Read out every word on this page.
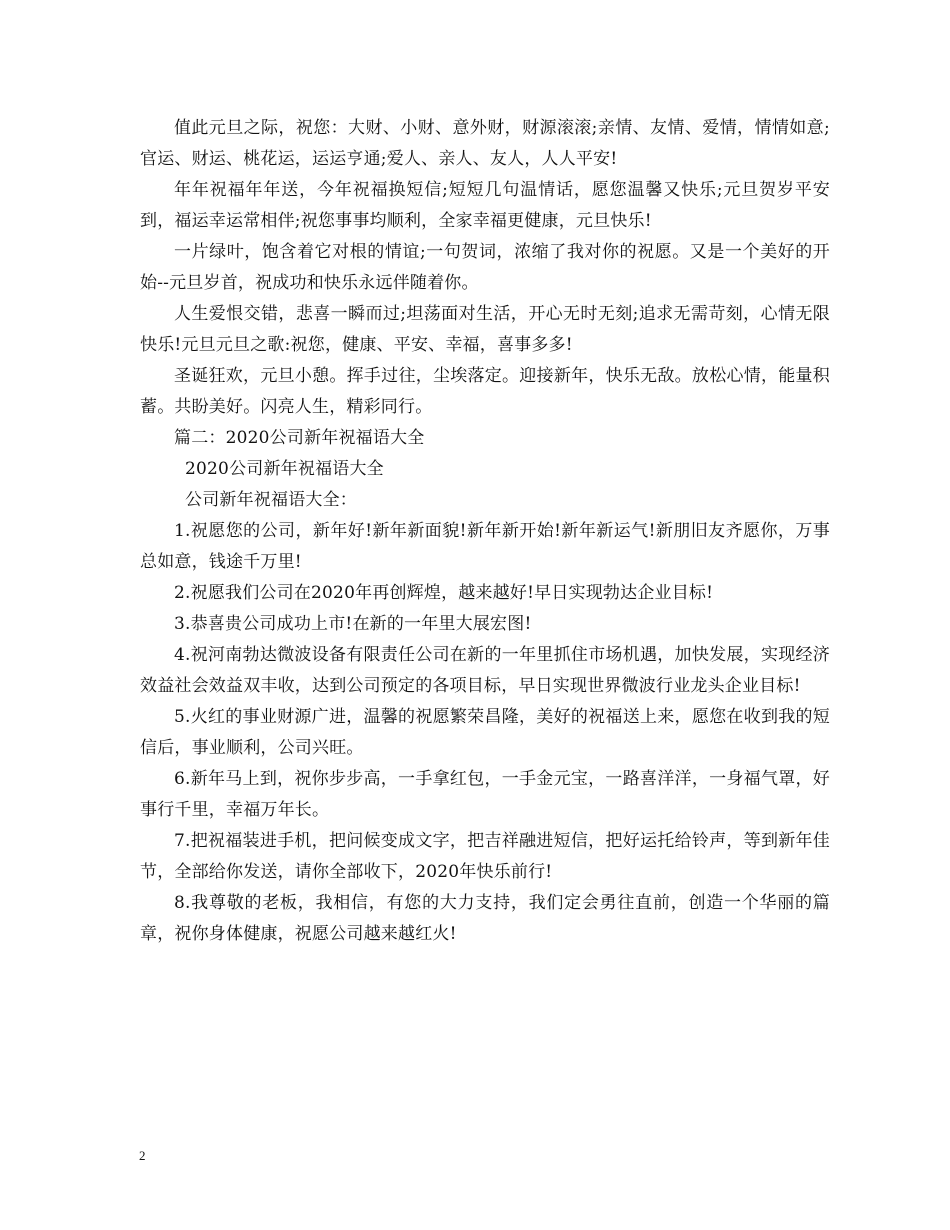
值此元旦之际，祝您：大财、小财、意外财，财源滚滚;亲情、友情、爱情，情情如意;官运、财运、桃花运，运运亨通;爱人、亲人、友人，人人平安!

年年祝福年年送，今年祝福换短信;短短几句温情话，愿您温馨又快乐;元旦贺岁平安到，福运幸运常相伴;祝您事事均顺利，全家幸福更健康，元旦快乐!

一片绿叶，饱含着它对根的情谊;一句贺词，浓缩了我对你的祝愿。又是一个美好的开始--元旦岁首，祝成功和快乐永远伴随着你。

人生爱恨交错，悲喜一瞬而过;坦荡面对生活，开心无时无刻;追求无需苛刻，心情无限快乐!元旦元旦之歌:祝您，健康、平安、幸福，喜事多多!

圣诞狂欢，元旦小憩。挥手过往，尘埃落定。迎接新年，快乐无敌。放松心情，能量积蓄。共盼美好。闪亮人生，精彩同行。

篇二：2020公司新年祝福语大全

2020公司新年祝福语大全

公司新年祝福语大全：

1.祝愿您的公司，新年好!新年新面貌!新年新开始!新年新运气!新朋旧友齐愿你，万事总如意，钱途千万里!

2.祝愿我们公司在2020年再创辉煌，越来越好!早日实现勃达企业目标!

3.恭喜贵公司成功上市!在新的一年里大展宏图!

4.祝河南勃达微波设备有限责任公司在新的一年里抓住市场机遇，加快发展，实现经济效益社会效益双丰收，达到公司预定的各项目标，早日实现世界微波行业龙头企业目标!

5.火红的事业财源广进，温馨的祝愿繁荣昌隆，美好的祝福送上来，愿您在收到我的短信后，事业顺利，公司兴旺。

6.新年马上到，祝你步步高，一手拿红包，一手金元宝，一路喜洋洋，一身福气罩，好事行千里，幸福万年长。

7.把祝福装进手机，把问候变成文字，把吉祥融进短信，把好运托给铃声，等到新年佳节，全部给你发送，请你全部收下，2020年快乐前行!

8.我尊敬的老板，我相信，有您的大力支持，我们定会勇往直前，创造一个华丽的篇章，祝你身体健康，祝愿公司越来越红火!

2
